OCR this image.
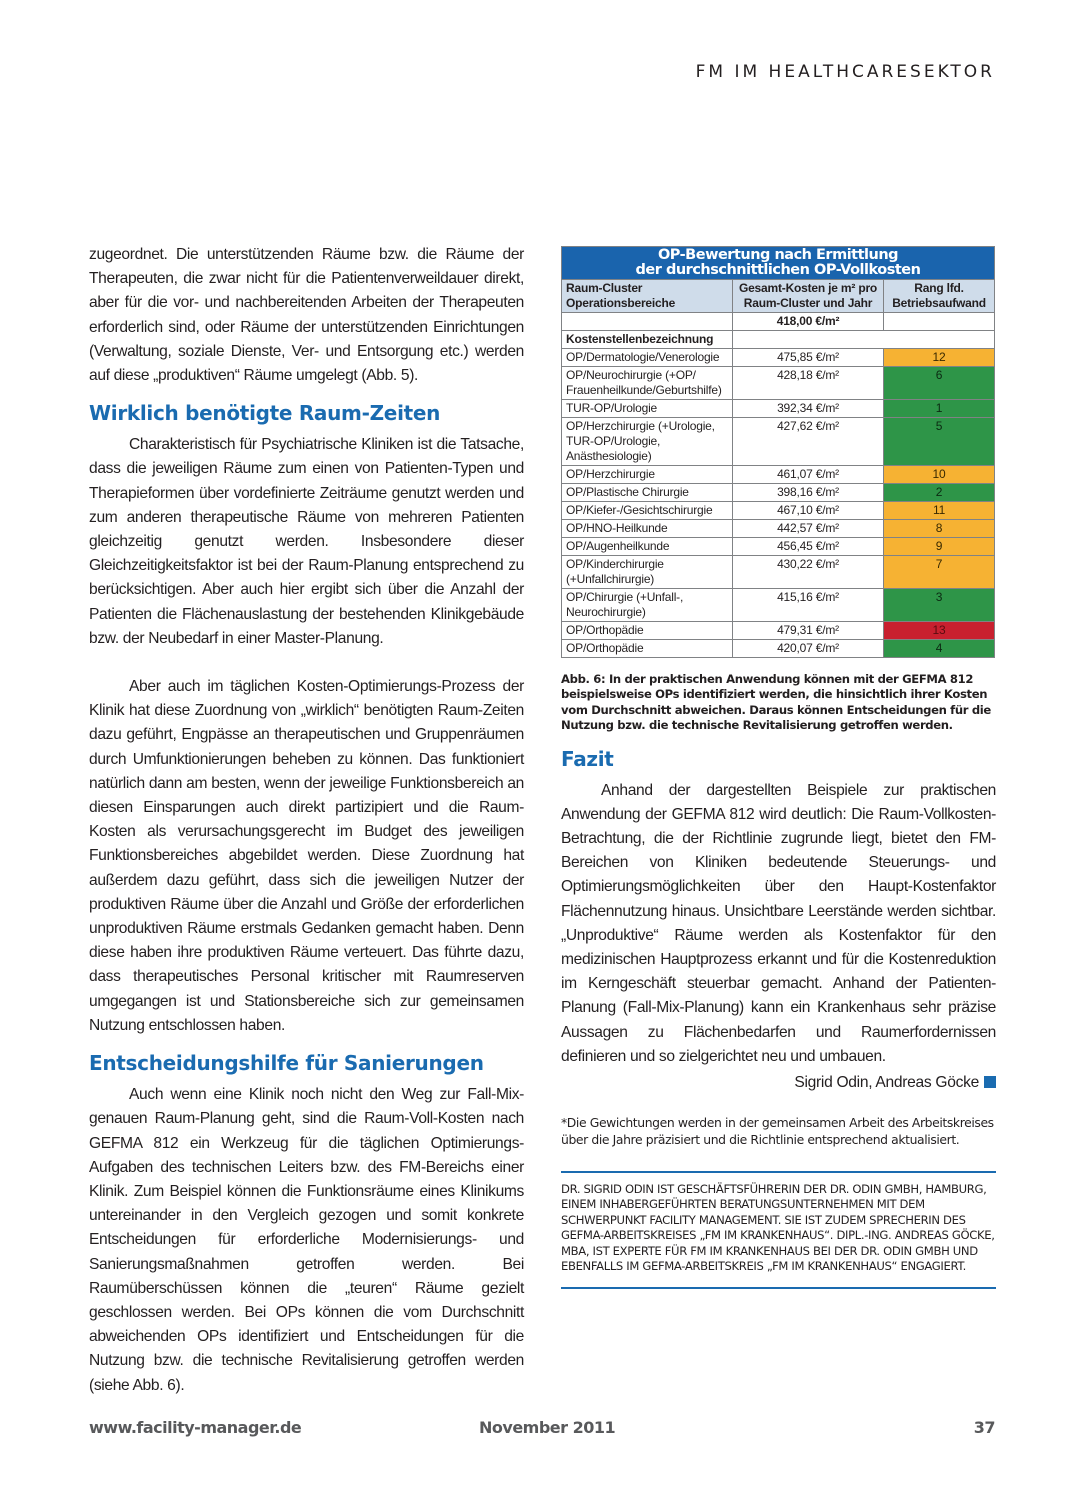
FM IM HEALTHCARESEKTOR

zugeordnet. Die unterstützenden Räume bzw. die Räume der Therapeuten, die zwar nicht für die Patientenverweildauer direkt, aber für die vor- und nachbereitenden Arbeiten der Therapeuten erforderlich sind, oder Räume der unterstützenden Einrichtungen (Verwaltung, soziale Dienste, Ver- und Entsorgung etc.) werden auf diese „produktiven“ Räume umgelegt (Abb. 5).

Wirklich benötigte Raum-Zeiten

Charakteristisch für Psychiatrische Kliniken ist die Tatsache, dass die jeweiligen Räume zum einen von Patienten-Typen und Therapieformen über vordefinierte Zeiträume genutzt werden und zum anderen therapeutische Räume von mehreren Patienten gleichzeitig genutzt werden. Insbesondere dieser Gleichzeitigkeitsfaktor ist bei der Raum-Planung entsprechend zu berücksichtigen. Aber auch hier ergibt sich über die Anzahl der Patienten die Flächenauslastung der bestehenden Klinikgebäude bzw. der Neubedarf in einer Master-Planung.

Aber auch im täglichen Kosten-Optimierungs-Prozess der Klinik hat diese Zuordnung von „wirklich“ benötigten Raum-Zeiten dazu geführt, Engpässe an therapeutischen und Gruppenräumen durch Umfunktionierungen beheben zu können. Das funktioniert natürlich dann am besten, wenn der jeweilige Funktionsbereich an diesen Einsparungen auch direkt partizipiert und die Raum-Kosten als verursachungsgerecht im Budget des jeweiligen Funktionsbereiches abgebildet werden. Diese Zuordnung hat außerdem dazu geführt, dass sich die jeweiligen Nutzer der produktiven Räume über die Anzahl und Größe der erforderlichen unproduktiven Räume erstmals Gedanken gemacht haben. Denn diese haben ihre produktiven Räume verteuert. Das führte dazu, dass therapeutisches Personal kritischer mit Raumreserven umgegangen ist und Stationsbereiche sich zur gemeinsamen Nutzung entschlossen haben.

Entscheidungshilfe für Sanierungen

Auch wenn eine Klinik noch nicht den Weg zur Fall-Mix-genauen Raum-Planung geht, sind die Raum-Voll-Kosten nach GEFMA 812 ein Werkzeug für die täglichen Optimierungs-Aufgaben des technischen Leiters bzw. des FM-Bereichs einer Klinik. Zum Beispiel können die Funktionsräume eines Klinikums untereinander in den Vergleich gezogen und somit konkrete Entscheidungen für erforderliche Modernisierungs- und Sanierungsmaßnahmen getroffen werden. Bei Raumüberschüssen können die „teuren“ Räume gezielt geschlossen werden. Bei OPs können die vom Durchschnitt abweichenden OPs identifiziert und Entscheidungen für die Nutzung bzw. die technische Revitalisierung getroffen werden (siehe Abb. 6).

OP-Bewertung nach Ermittlung
der durchschnittlichen OP-Vollkosten		
Raum-Cluster Operationsbereiche	Gesamt-Kosten je m² pro Raum-Cluster und Jahr	Rang lfd. Betriebsaufwand
	418,00 €/m²	
Kostenstellenbezeichnung		
OP/Dermatologie/Venerologie	475,85 €/m²	12
OP/Neurochirurgie (+OP/ Frauenheilkunde/Geburtshilfe)	428,18 €/m²	6
TUR-OP/Urologie	392,34 €/m²	1
OP/Herzchirurgie (+Urologie, TUR-OP/Urologie, Anästhesiologie)	427,62 €/m²	5
OP/Herzchirurgie	461,07 €/m²	10
OP/Plastische Chirurgie	398,16 €/m²	2
OP/Kiefer-/Gesichtschirurgie	467,10 €/m²	11
OP/HNO-Heilkunde	442,57 €/m²	8
OP/Augenheilkunde	456,45 €/m²	9
OP/Kinderchirurgie (+Unfallchirurgie)	430,22 €/m²	7
OP/Chirurgie (+Unfall-, Neurochirurgie)	415,16 €/m²	3
OP/Orthopädie	479,31 €/m²	13
OP/Orthopädie	420,07 €/m²	4

Abb. 6: In der praktischen Anwendung können mit der GEFMA 812 beispielsweise OPs identifiziert werden, die hinsichtlich ihrer Kosten vom Durchschnitt abweichen. Daraus können Entscheidungen für die Nutzung bzw. die technische Revitalisierung getroffen werden.

Fazit

Anhand der dargestellten Beispiele zur praktischen Anwendung der GEFMA 812 wird deutlich: Die Raum-Vollkosten-Betrachtung, die der Richtlinie zugrunde liegt, bietet den FM-Bereichen von Kliniken bedeutende Steuerungs- und Optimierungsmöglichkeiten über den Haupt-Kostenfaktor Flächennutzung hinaus. Unsichtbare Leerstände werden sichtbar. „Unproduktive“ Räume werden als Kostenfaktor für den medizinischen Hauptprozess erkannt und für die Kostenreduktion im Kerngeschäft steuerbar gemacht. Anhand der Patienten-Planung (Fall-Mix-Planung) kann ein Krankenhaus sehr präzise Aussagen zu Flächenbedarfen und Raumerfordernissen definieren und so zielgerichtet neu und umbauen.

Sigrid Odin, Andreas Göcke

*Die Gewichtungen werden in der gemeinsamen Arbeit des Arbeitskreises über die Jahre präzisiert und die Richtlinie entsprechend aktualisiert.

DR. SIGRID ODIN IST GESCHÄFTSFÜHRERIN DER DR. ODIN GMBH, HAMBURG, EINEM INHABERGEFÜHRTEN BERATUNGSUNTERNEHMEN MIT DEM SCHWERPUNKT FACILITY MANAGEMENT. SIE IST ZUDEM SPRECHERIN DES GEFMA-ARBEITSKREISES „FM IM KRANKENHAUS“. DIPL.-ING. ANDREAS GÖCKE, MBA, IST EXPERTE FÜR FM IM KRANKENHAUS BEI DER DR. ODIN GMBH UND EBENFALLS IM GEFMA-ARBEITSKREIS „FM IM KRANKENHAUS“ ENGAGIERT.

www.facility-manager.de	November 2011	37
